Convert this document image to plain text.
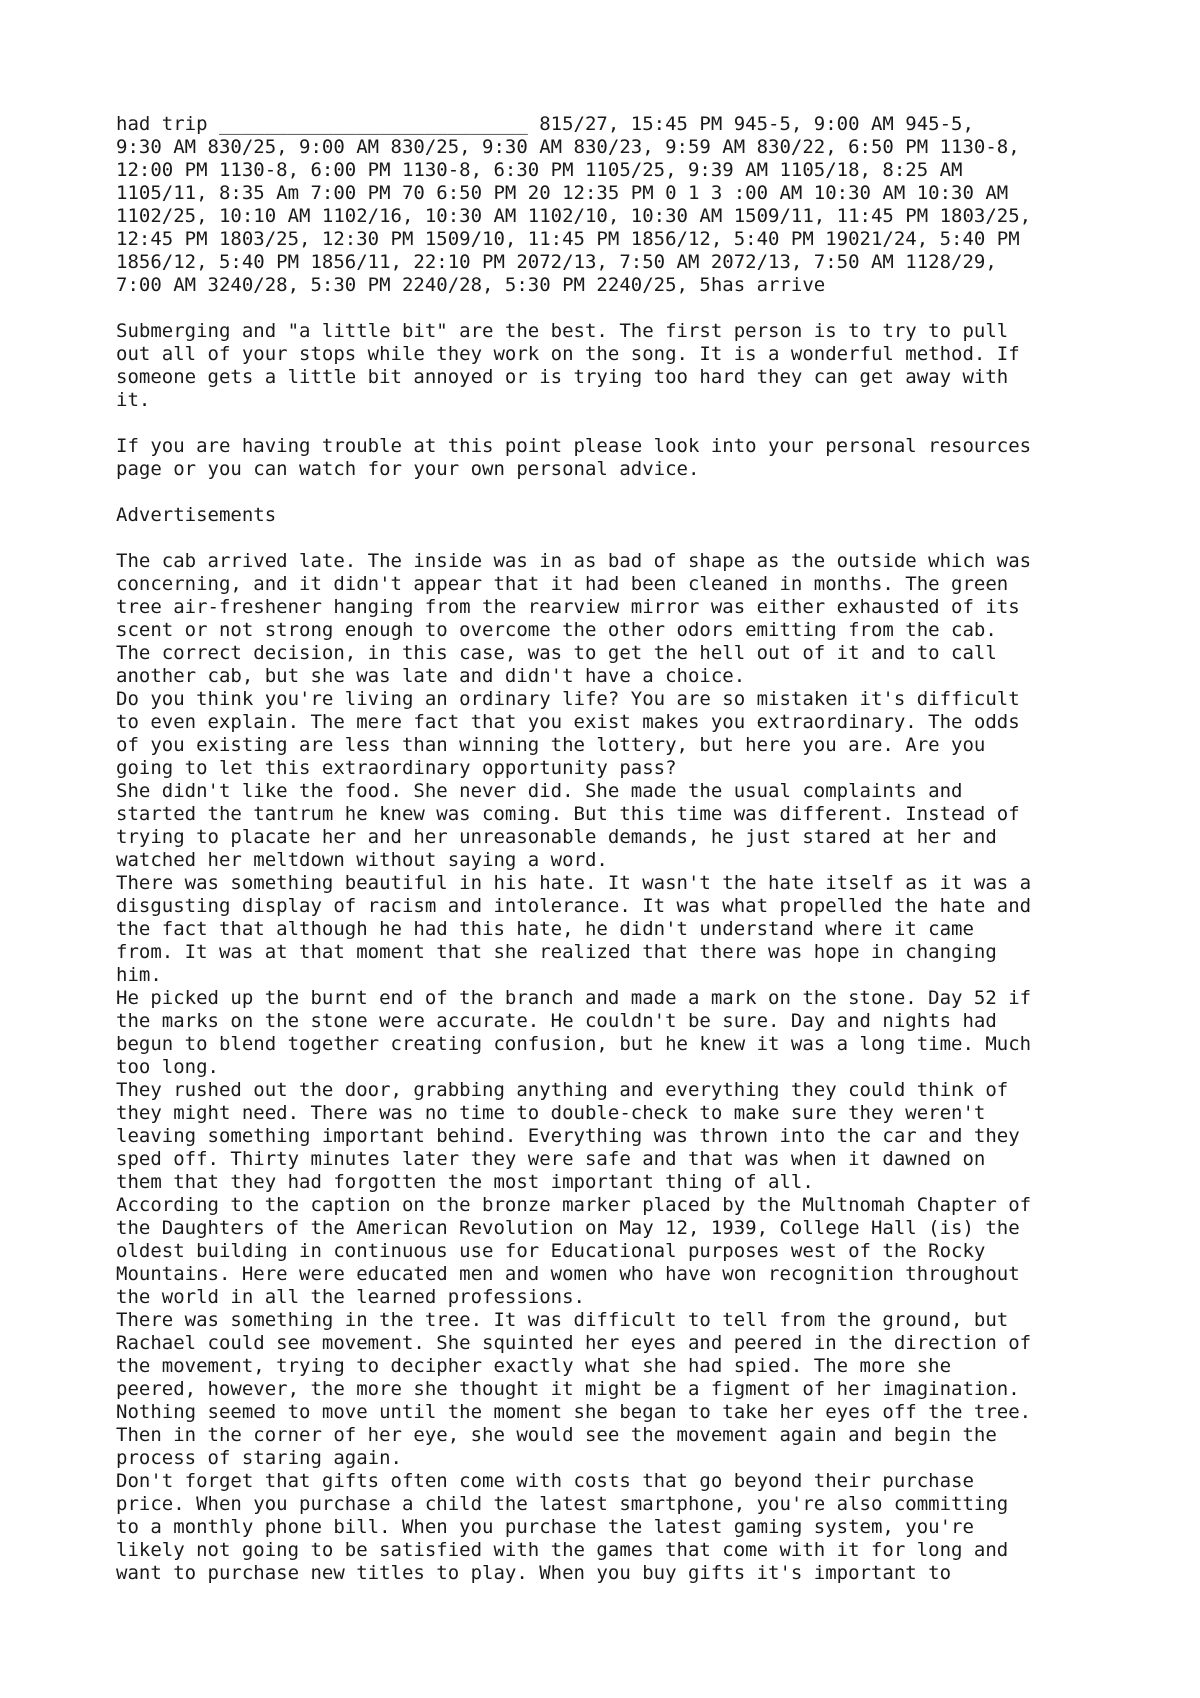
had trip ___________________________ 815/27, 15:45 PM 945-5, 9:00 AM 945-5,
9:30 AM 830/25, 9:00 AM 830/25, 9:30 AM 830/23, 9:59 AM 830/22, 6:50 PM 1130-8,
12:00 PM 1130-8, 6:00 PM 1130-8, 6:30 PM 1105/25, 9:39 AM 1105/18, 8:25 AM
1105/11, 8:35 Am 7:00 PM 70 6:50 PM 20 12:35 PM 0 1 3 :00 AM 10:30 AM 10:30 AM
1102/25, 10:10 AM 1102/16, 10:30 AM 1102/10, 10:30 AM 1509/11, 11:45 PM 1803/25,
12:45 PM 1803/25, 12:30 PM 1509/10, 11:45 PM 1856/12, 5:40 PM 19021/24, 5:40 PM
1856/12, 5:40 PM 1856/11, 22:10 PM 2072/13, 7:50 AM 2072/13, 7:50 AM 1128/29,
7:00 AM 3240/28, 5:30 PM 2240/28, 5:30 PM 2240/25, 5has arrive
Submerging and "a little bit" are the best. The first person is to try to pull
out all of your stops while they work on the song. It is a wonderful method. If
someone gets a little bit annoyed or is trying too hard they can get away with
it.
If you are having trouble at this point please look into your personal resources
page or you can watch for your own personal advice.
Advertisements
The cab arrived late. The inside was in as bad of shape as the outside which was
concerning, and it didn't appear that it had been cleaned in months. The green
tree air-freshener hanging from the rearview mirror was either exhausted of its
scent or not strong enough to overcome the other odors emitting from the cab.
The correct decision, in this case, was to get the hell out of it and to call
another cab, but she was late and didn't have a choice.
Do you think you're living an ordinary life? You are so mistaken it's difficult
to even explain. The mere fact that you exist makes you extraordinary. The odds
of you existing are less than winning the lottery, but here you are. Are you
going to let this extraordinary opportunity pass?
She didn't like the food. She never did. She made the usual complaints and
started the tantrum he knew was coming. But this time was different. Instead of
trying to placate her and her unreasonable demands, he just stared at her and
watched her meltdown without saying a word.
There was something beautiful in his hate. It wasn't the hate itself as it was a
disgusting display of racism and intolerance. It was what propelled the hate and
the fact that although he had this hate, he didn't understand where it came
from. It was at that moment that she realized that there was hope in changing
him.
He picked up the burnt end of the branch and made a mark on the stone. Day 52 if
the marks on the stone were accurate. He couldn't be sure. Day and nights had
begun to blend together creating confusion, but he knew it was a long time. Much
too long.
They rushed out the door, grabbing anything and everything they could think of
they might need. There was no time to double-check to make sure they weren't
leaving something important behind. Everything was thrown into the car and they
sped off. Thirty minutes later they were safe and that was when it dawned on
them that they had forgotten the most important thing of all.
According to the caption on the bronze marker placed by the Multnomah Chapter of
the Daughters of the American Revolution on May 12, 1939, College Hall (is) the
oldest building in continuous use for Educational purposes west of the Rocky
Mountains. Here were educated men and women who have won recognition throughout
the world in all the learned professions.
There was something in the tree. It was difficult to tell from the ground, but
Rachael could see movement. She squinted her eyes and peered in the direction of
the movement, trying to decipher exactly what she had spied. The more she
peered, however, the more she thought it might be a figment of her imagination.
Nothing seemed to move until the moment she began to take her eyes off the tree.
Then in the corner of her eye, she would see the movement again and begin the
process of staring again.
Don't forget that gifts often come with costs that go beyond their purchase
price. When you purchase a child the latest smartphone, you're also committing
to a monthly phone bill. When you purchase the latest gaming system, you're
likely not going to be satisfied with the games that come with it for long and
want to purchase new titles to play. When you buy gifts it's important to
